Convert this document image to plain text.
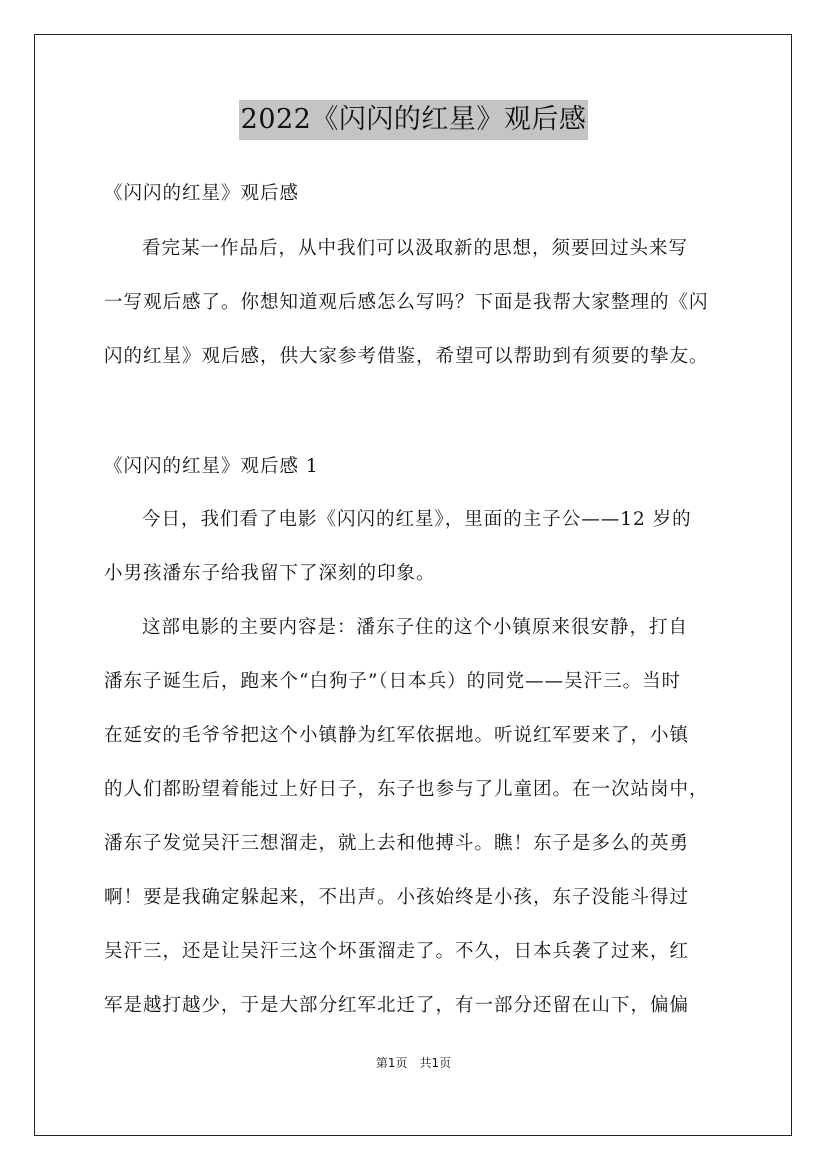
2022《闪闪的红星》观后感
《闪闪的红星》观后感
看完某一作品后，从中我们可以汲取新的思想，须要回过头来写
一写观后感了。你想知道观后感怎么写吗？下面是我帮大家整理的《闪
闪的红星》观后感，供大家参考借鉴，希望可以帮助到有须要的挚友。
《闪闪的红星》观后感 1
今日，我们看了电影《闪闪的红星》，里面的主子公——12 岁的
小男孩潘东子给我留下了深刻的印象。
这部电影的主要内容是：潘东子住的这个小镇原来很安静，打自
潘东子诞生后，跑来个“白狗子”（日本兵）的同党——吴汗三。当时
在延安的毛爷爷把这个小镇静为红军依据地。听说红军要来了，小镇
的人们都盼望着能过上好日子，东子也参与了儿童团。在一次站岗中，
潘东子发觉吴汗三想溜走，就上去和他搏斗。瞧！东子是多么的英勇
啊！要是我确定躲起来，不出声。小孩始终是小孩，东子没能斗得过
吴汗三，还是让吴汗三这个坏蛋溜走了。不久，日本兵袭了过来，红
军是越打越少，于是大部分红军北迁了，有一部分还留在山下，偏偏
第1页　共1页
